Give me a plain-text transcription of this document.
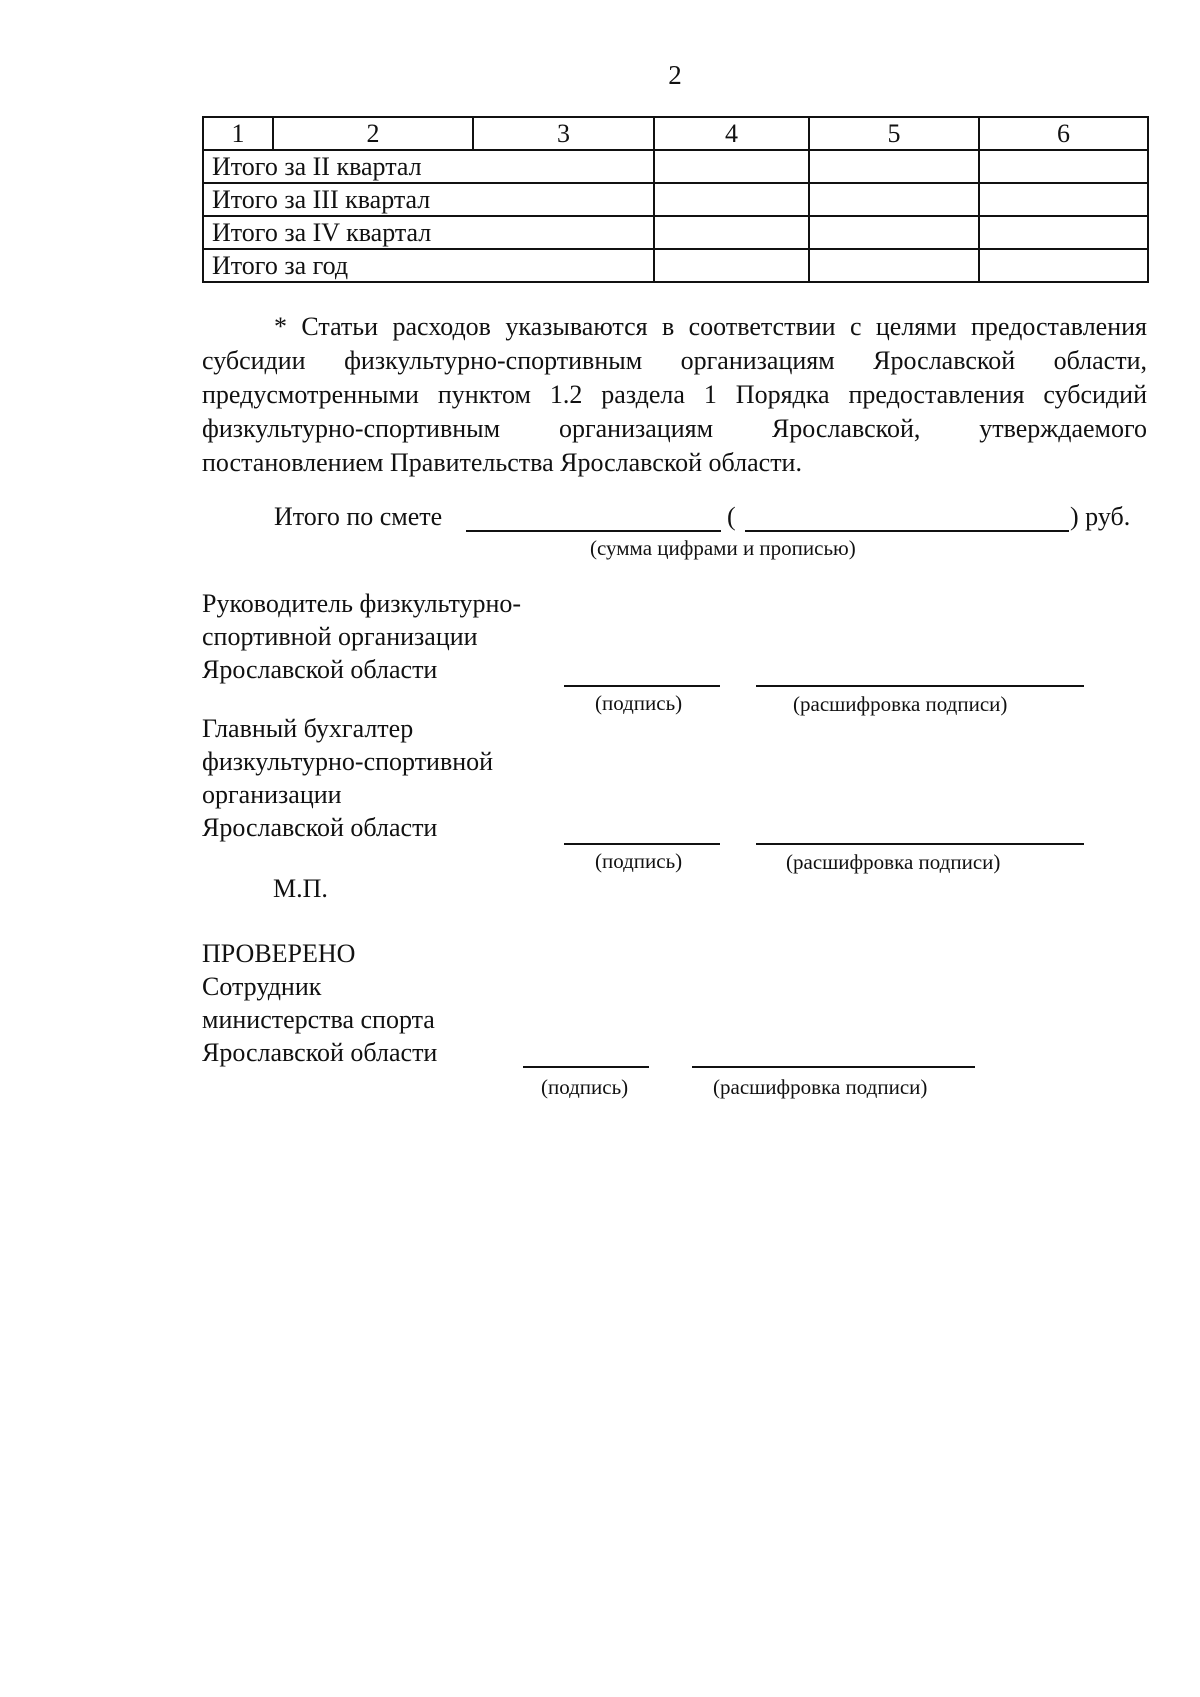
2
1	2	3	4	5	6
Итого за II квартал					
Итого за III квартал					
Итого за IV квартал					
Итого за год					

* Статьи расходов указываются в соответствии с целями предоставления субсидии физкультурно-спортивным организациям Ярославской области, предусмотренными пунктом 1.2 раздела 1 Порядка предоставления субсидий физкультурно-спортивным организациям Ярославской, утверждаемого постановлением Правительства Ярославской области.

Итого по смете	(	) руб.
(сумма цифрами и прописью)
Руководитель физкультурно-
спортивной организации
Ярославской области
(подпись)	(расшифровка подписи)
Главный бухгалтер
физкультурно-спортивной
организации
Ярославской области
(подпись)	(расшифровка подписи)
М.П.
ПРОВЕРЕНО
Сотрудник
министерства спорта
Ярославской области
(подпись)	(расшифровка подписи)
